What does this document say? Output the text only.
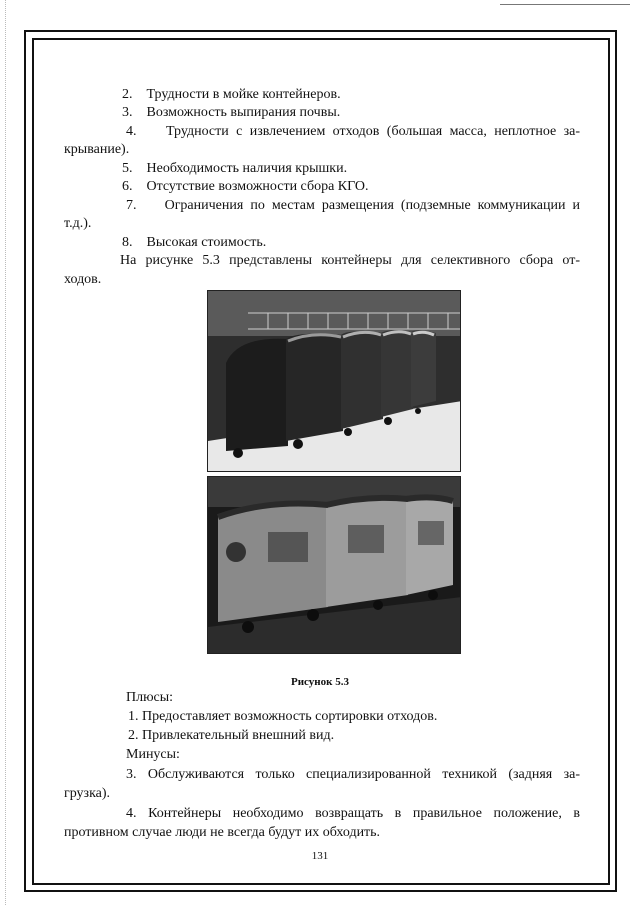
2. Трудности в мойке контейнеров.
3. Возможность выпирания почвы.
4. Трудности с извлечением отходов (большая масса, неплотное за-
крывание).
5. Необходимость наличия крышки.
6. Отсутствие возможности сбора КГО.
7. Ограничения по местам размещения (подземные коммуникации и
т.д.).
8. Высокая стоимость.
На рисунке 5.3 представлены контейнеры для селективного сбора от-
ходов.
Рисунок 5.3
Плюсы:
1. Предоставляет возможность сортировки отходов.
2. Привлекательный внешний вид.
Минусы:
3. Обслуживаются только специализированной техникой (задняя за-
грузка).
4. Контейнеры необходимо возвращать в правильное положение, в
противном случае люди не всегда будут их обходить.
131
